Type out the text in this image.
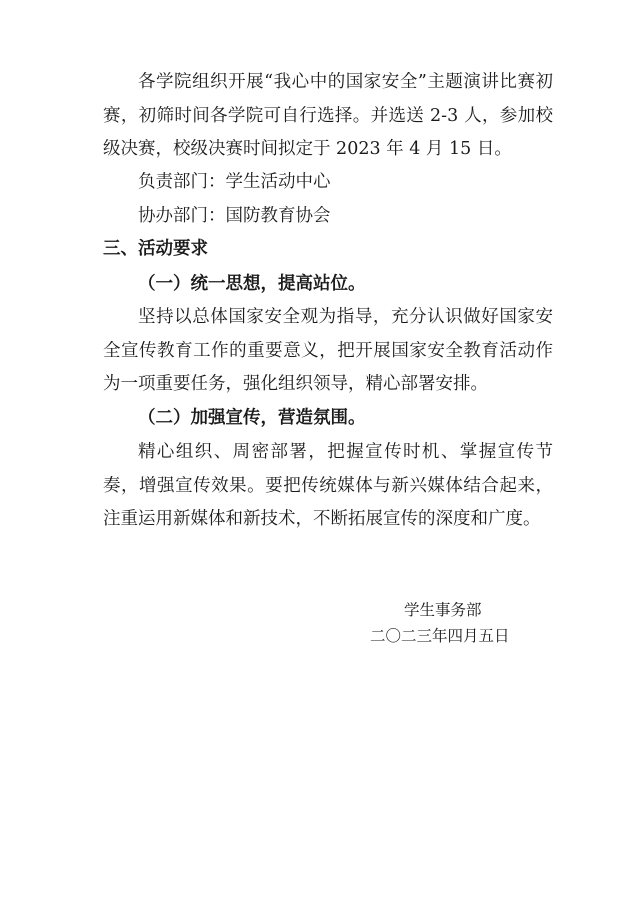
各学院组织开展“我心中的国家安全”主题演讲比赛初赛，初筛时间各学院可自行选择。并选送 2-3 人，参加校级决赛，校级决赛时间拟定于 2023 年 4 月 15 日。

负责部门：学生活动中心

协办部门：国防教育协会

三、活动要求

（一）统一思想，提高站位。

坚持以总体国家安全观为指导，充分认识做好国家安全宣传教育工作的重要意义，把开展国家安全教育活动作为一项重要任务，强化组织领导，精心部署安排。

（二）加强宣传，营造氛围。

精心组织、周密部署，把握宣传时机、掌握宣传节奏，增强宣传效果。要把传统媒体与新兴媒体结合起来，注重运用新媒体和新技术，不断拓展宣传的深度和广度。

学生事务部

二〇二三年四月五日
